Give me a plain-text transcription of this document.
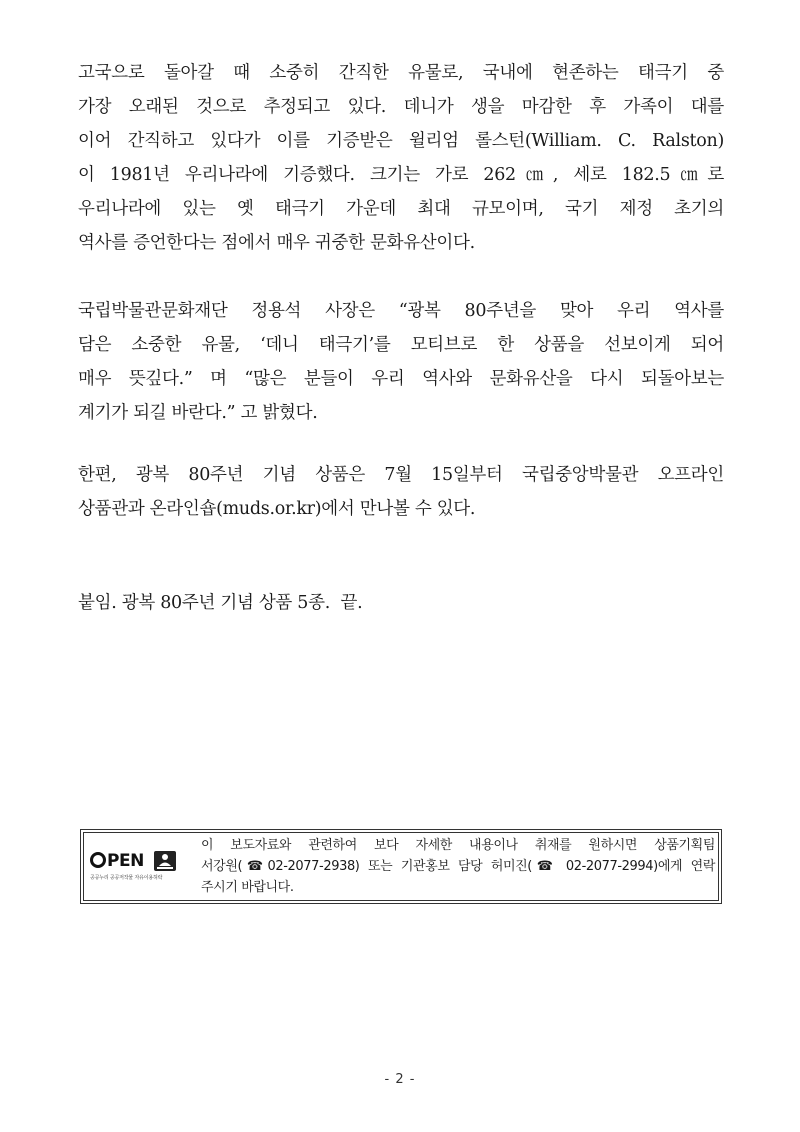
고국으로 돌아갈 때 소중히 간직한 유물로, 국내에 현존하는 태극기 중
가장 오래된 것으로 추정되고 있다. 데니가 생을 마감한 후 가족이 대를
이어 간직하고 있다가 이를 기증받은 윌리엄 롤스턴(William. C. Ralston)
이 1981년 우리나라에 기증했다. 크기는 가로 262㎝, 세로 182.5㎝로
우리나라에 있는 옛 태극기 가운데 최대 규모이며, 국기 제정 초기의
역사를 증언한다는 점에서 매우 귀중한 문화유산이다.
국립박물관문화재단 정용석 사장은 “광복 80주년을 맞아 우리 역사를
담은 소중한 유물, ‘데니 태극기’를 모티브로 한 상품을 선보이게 되어
매우 뜻깊다.” 며 “많은 분들이 우리 역사와 문화유산을 다시 되돌아보는
계기가 되길 바란다.” 고 밝혔다.
한편, 광복 80주년 기념 상품은 7월 15일부터 국립중앙박물관 오프라인
상품관과 온라인숍(muds.or.kr)에서 만나볼 수 있다.
붙임. 광복 80주년 기념 상품 5종.  끝.
PEN
공공누리 공공저작물 자유이용허락
이 보도자료와 관련하여 보다 자세한 내용이나 취재를 원하시면 상품기획팀
서강원(☎02-2077-2938) 또는 기관홍보 담당 허미진(☎ 02-2077-2994)에게 연락
주시기 바랍니다.
- 2 -
